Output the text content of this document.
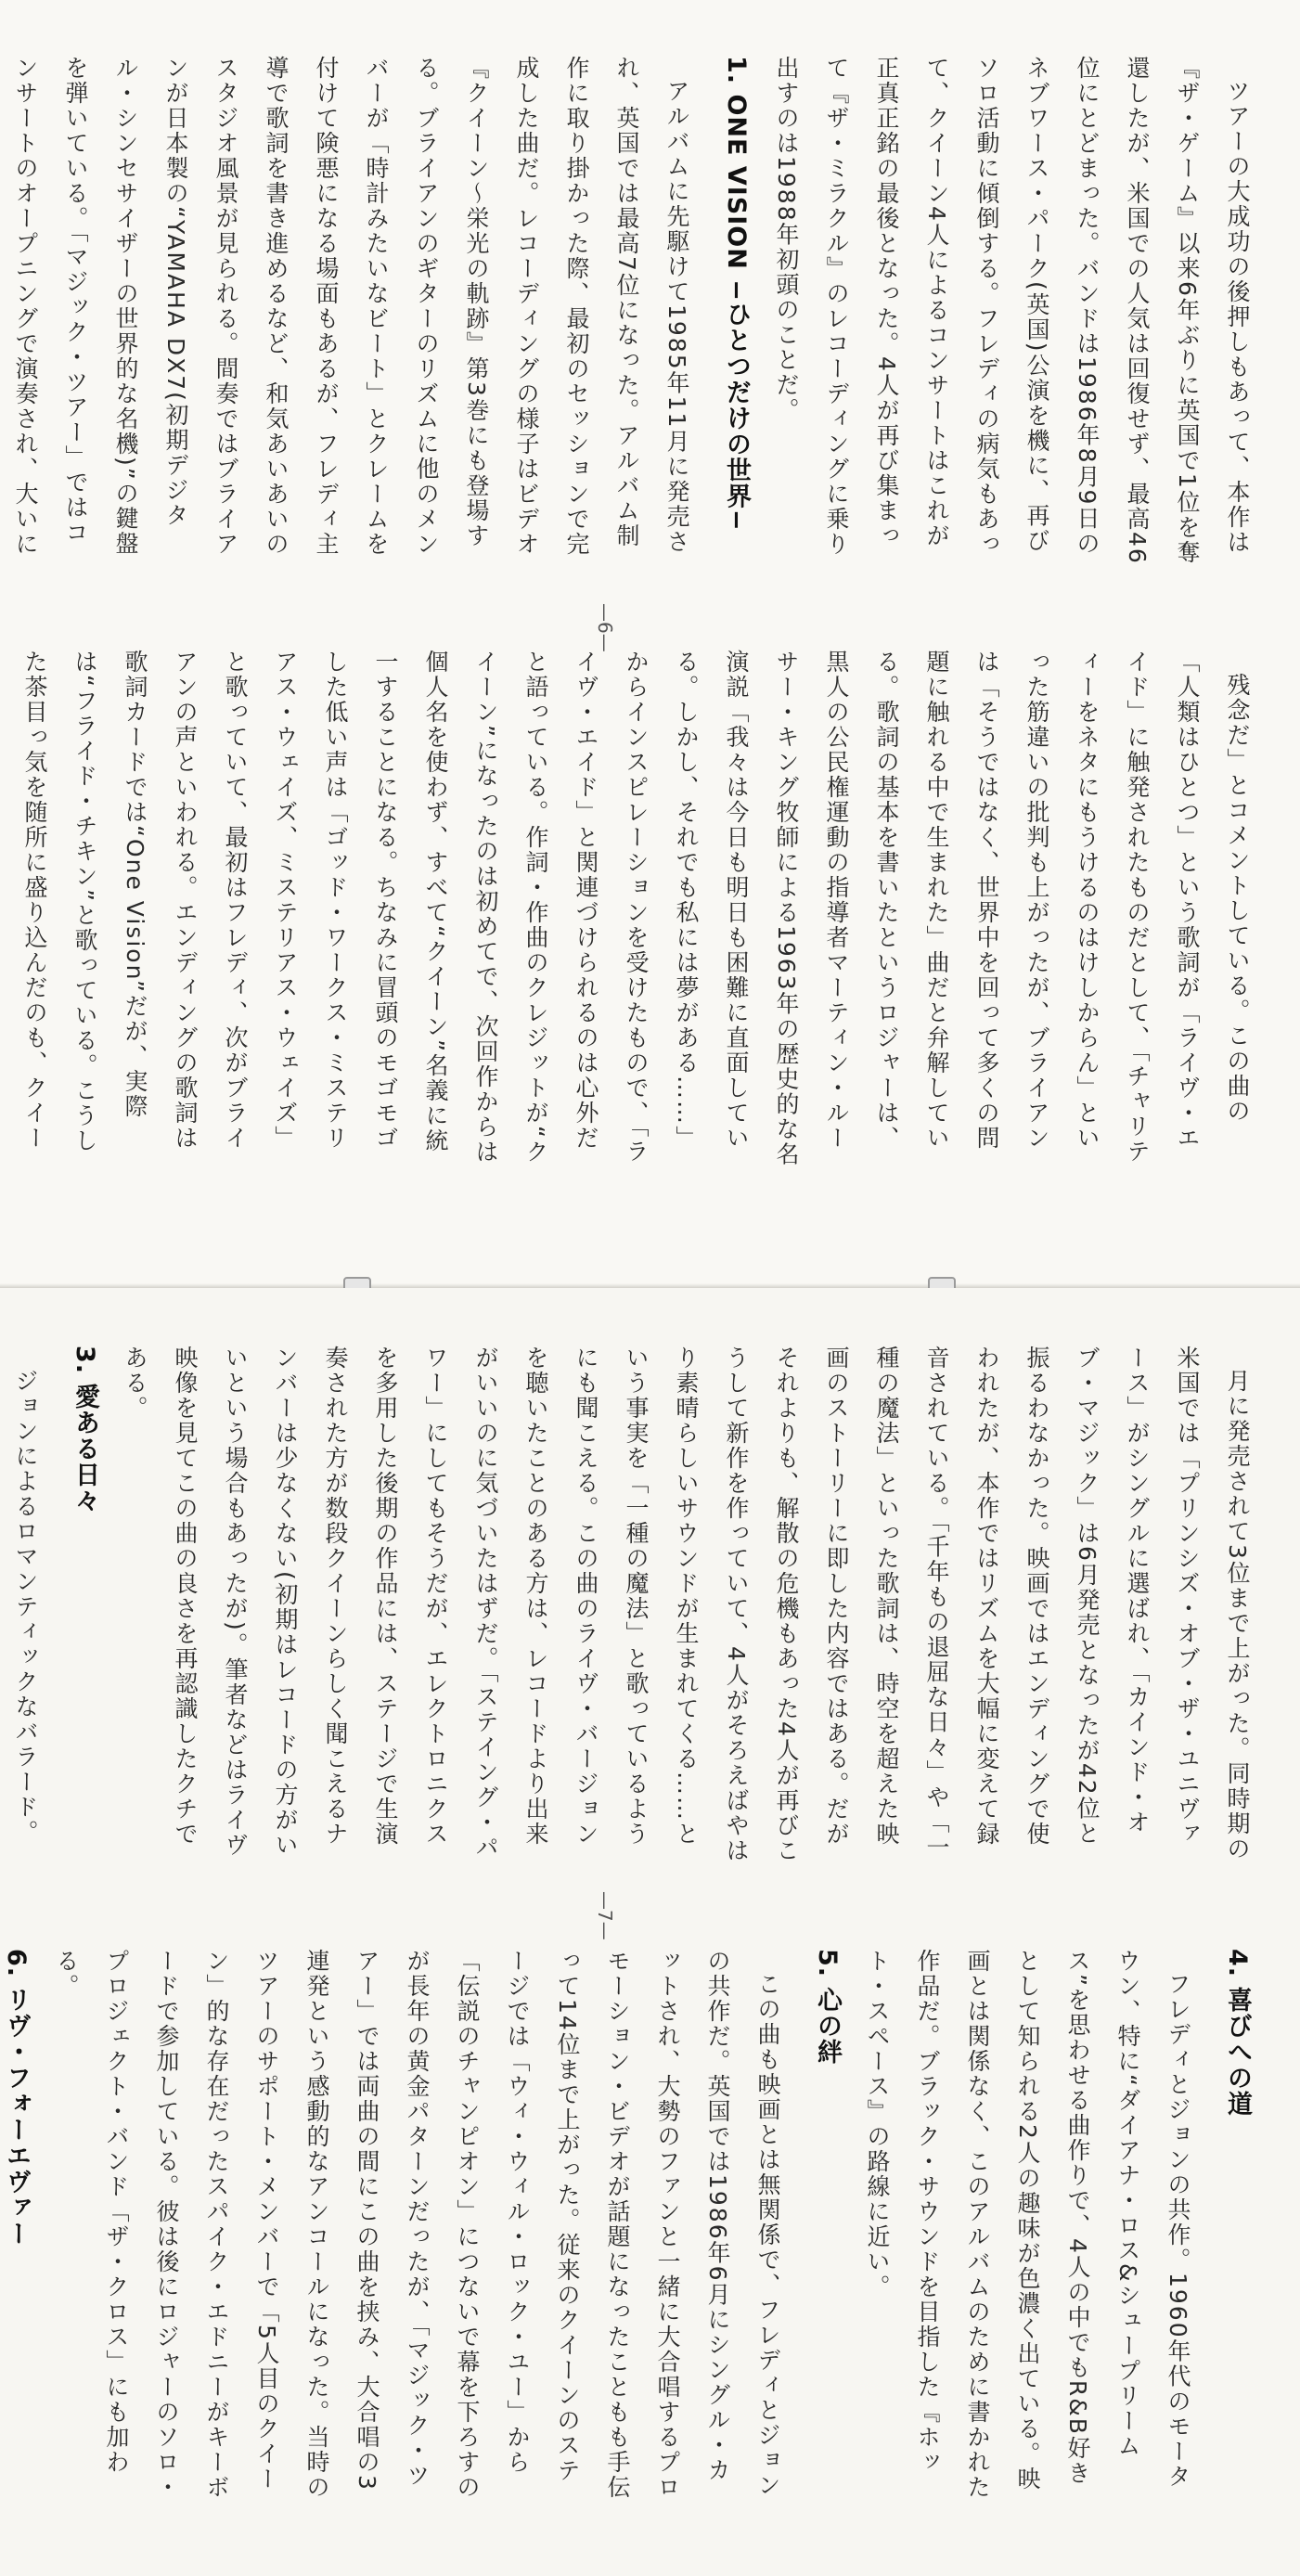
ツアーの大成功の後押しもあって、本作は『ザ・ゲーム』以来6年ぶりに英国で1位を奪還したが、米国での人気は回復せず、最高46位にとどまった。バンドは1986年8月9日のネブワース・パーク(英国)公演を機に、再びソロ活動に傾倒する。フレディの病気もあって、クイーン4人によるコンサートはこれが正真正銘の最後となった。4人が再び集まって『ザ・ミラクル』のレコーディングに乗り出すのは1988年初頭のことだ。

1. ONE VISION −ひとつだけの世界−

アルバムに先駆けて1985年11月に発売され、英国では最高7位になった。アルバム制作に取り掛かった際、最初のセッションで完成した曲だ。レコーディングの様子はビデオ『クイーン〜栄光の軌跡』第3巻にも登場する。ブライアンのギターのリズムに他のメンバーが「時計みたいなビート」とクレームを付けて険悪になる場面もあるが、フレディ主導で歌詞を書き進めるなど、和気あいあいのスタジオ風景が見られる。間奏ではブライアンが日本製の“YAMAHA DX7(初期デジタル・シンセサイザーの世界的な名機)”の鍵盤を弾いている。「マジック・ツアー」ではコンサートのオープニングで演奏され、大いに

—6—

残念だ」とコメントしている。この曲の「人類はひとつ」という歌詞が「ライヴ・エイド」に触発されたものだとして、「チャリティーをネタにもうけるのはけしからん」といった筋違いの批判も上がったが、ブライアンは「そうではなく、世界中を回って多くの問題に触れる中で生まれた」曲だと弁解している。歌詞の基本を書いたというロジャーは、黒人の公民権運動の指導者マーティン・ルーサー・キング牧師による1963年の歴史的な名演説「我々は今日も明日も困難に直面している。しかし、それでも私には夢がある……」からインスピレーションを受けたもので、「ライヴ・エイド」と関連づけられるのは心外だと語っている。作詞・作曲のクレジットが“クイーン”になったのは初めてで、次回作からは個人名を使わず、すべて“クイーン”名義に統一することになる。ちなみに冒頭のモゴモゴした低い声は「ゴッド・ワークス・ミステリアス・ウェイズ、ミステリアス・ウェイズ」と歌っていて、最初はフレディ、次がブライアンの声といわれる。エンディングの歌詞は歌詞カードでは“One Vision”だが、実際は“フライド・チキン”と歌っている。こうした茶目っ気を随所に盛り込んだのも、クイー

月に発売されて3位まで上がった。同時期の米国では「プリンシズ・オブ・ザ・ユニヴァース」がシングルに選ばれ、「カインド・オブ・マジック」は6月発売となったが42位と振るわなかった。映画ではエンディングで使われたが、本作ではリズムを大幅に変えて録音されている。「千年もの退屈な日々」や「一種の魔法」といった歌詞は、時空を超えた映画のストーリーに即した内容ではある。だがそれよりも、解散の危機もあった4人が再びこうして新作を作っていて、4人がそろえばやはり素晴らしいサウンドが生まれてくる……という事実を「一種の魔法」と歌っているようにも聞こえる。この曲のライヴ・バージョンを聴いたことのある方は、レコードより出来がいいのに気づいたはずだ。「ステイング・パワー」にしてもそうだが、エレクトロニクスを多用した後期の作品には、ステージで生演奏された方が数段クイーンらしく聞こえるナンバーは少なくない(初期はレコードの方がいいという場合もあったが)。筆者などはライヴ映像を見てこの曲の良さを再認識したクチである。

3. 愛ある日々

ジョンによるロマンティックなバラード。

—7—
4. 喜びへの道

フレディとジョンの共作。1960年代のモータウン、特に“ダイアナ・ロス&シュープリームス”を思わせる曲作りで、4人の中でもR&B好きとして知られる2人の趣味が色濃く出ている。映画とは関係なく、このアルバムのために書かれた作品だ。ブラック・サウンドを目指した『ホット・スペース』の路線に近い。

5. 心の絆

この曲も映画とは無関係で、フレディとジョンの共作だ。英国では1986年6月にシングル・カットされ、大勢のファンと一緒に大合唱するプロモーション・ビデオが話題になったこともも手伝って14位まで上がった。従来のクイーンのステージでは「ウィ・ウィル・ロック・ユー」から「伝説のチャンピオン」につないで幕を下ろすのが長年の黄金パターンだったが、「マジック・ツアー」では両曲の間にこの曲を挟み、大合唱の3連発という感動的なアンコールになった。当時のツアーのサポート・メンバーで「5人目のクイーン」的な存在だったスパイク・エドニーがキーボードで参加している。彼は後にロジャーのソロ・プロジェクト・バンド「ザ・クロス」にも加わる。

6. リヴ・フォーエヴァー
